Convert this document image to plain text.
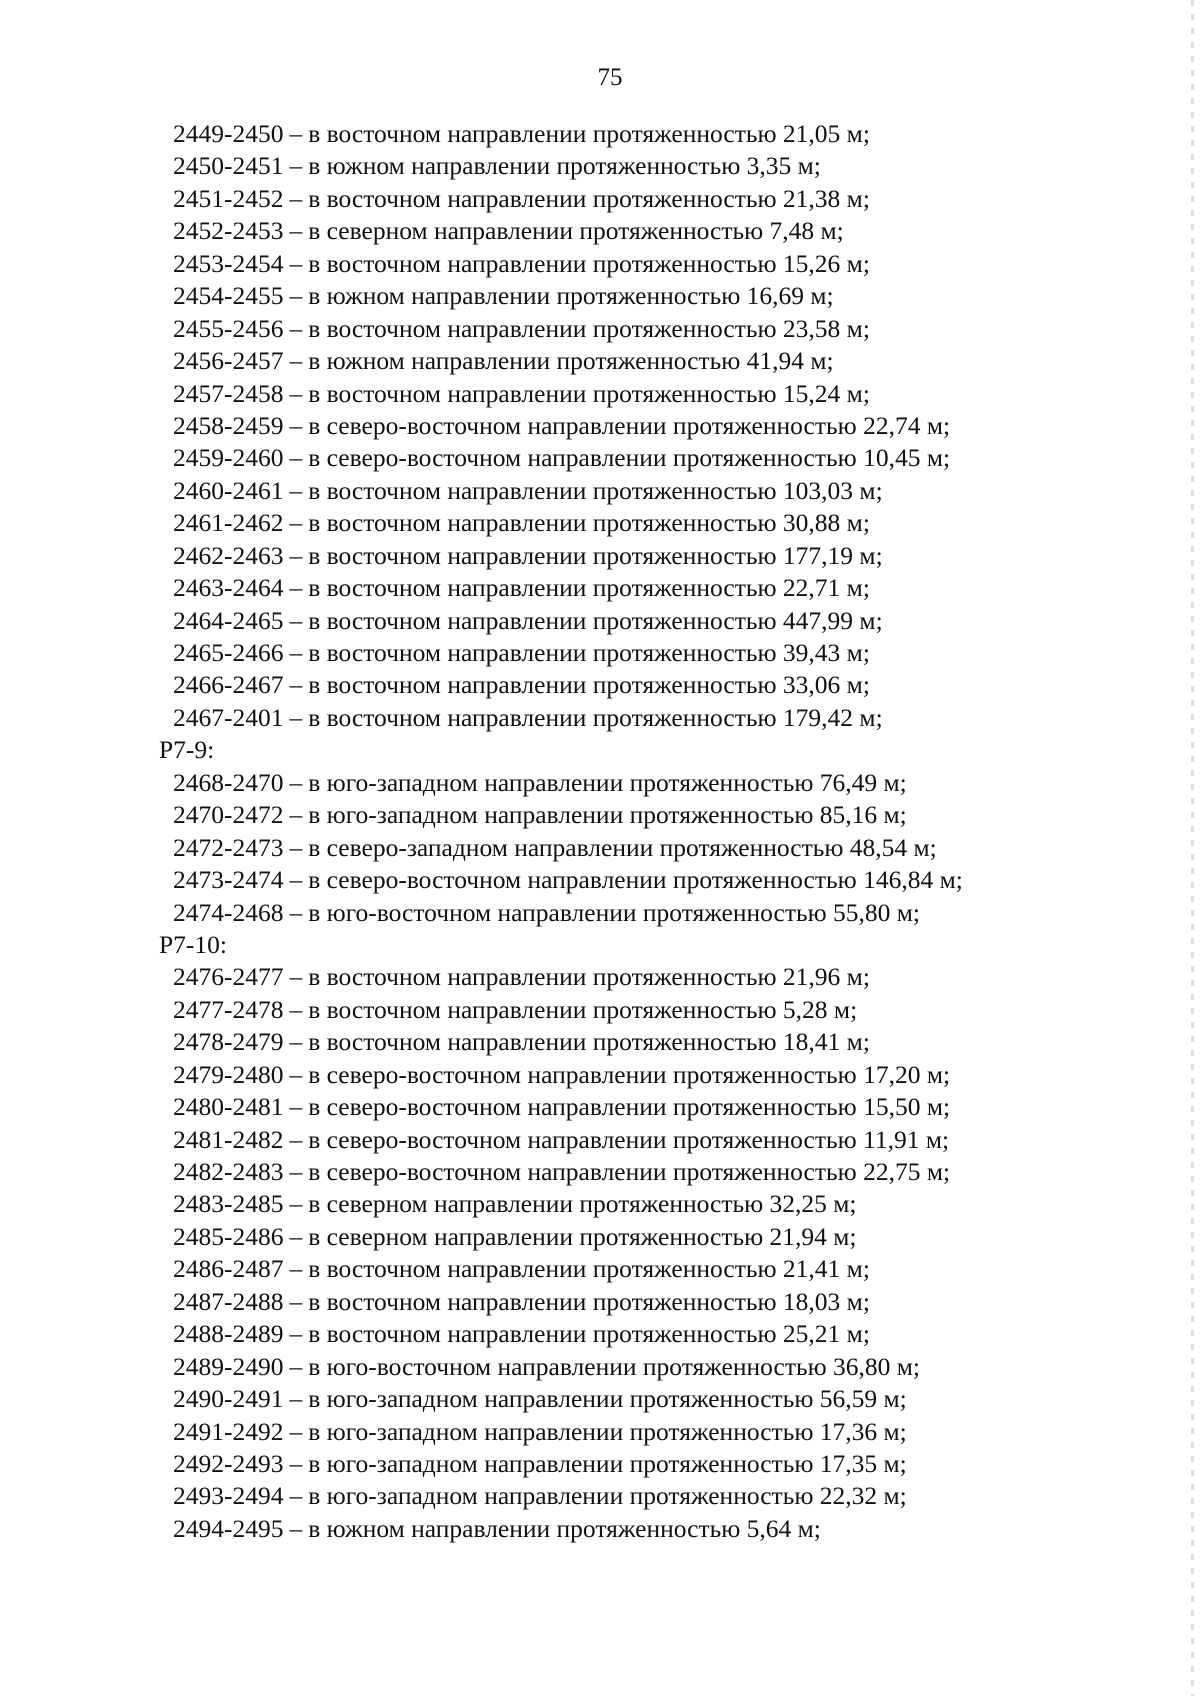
75
2449-2450 – в восточном направлении протяженностью 21,05 м;
2450-2451 – в южном направлении протяженностью 3,35 м;
2451-2452 – в восточном направлении протяженностью 21,38 м;
2452-2453 – в северном направлении протяженностью 7,48 м;
2453-2454 – в восточном направлении протяженностью 15,26 м;
2454-2455 – в южном направлении протяженностью 16,69 м;
2455-2456 – в восточном направлении протяженностью 23,58 м;
2456-2457 – в южном направлении протяженностью 41,94 м;
2457-2458 – в восточном направлении протяженностью 15,24 м;
2458-2459 – в северо-восточном направлении протяженностью 22,74 м;
2459-2460 – в северо-восточном направлении протяженностью 10,45 м;
2460-2461 – в восточном направлении протяженностью 103,03 м;
2461-2462 – в восточном направлении протяженностью 30,88 м;
2462-2463 – в восточном направлении протяженностью 177,19 м;
2463-2464 – в восточном направлении протяженностью 22,71 м;
2464-2465 – в восточном направлении протяженностью 447,99 м;
2465-2466 – в восточном направлении протяженностью 39,43 м;
2466-2467 – в восточном направлении протяженностью 33,06 м;
2467-2401 – в восточном направлении протяженностью 179,42 м;
Р7-9:
2468-2470 – в юго-западном направлении протяженностью 76,49 м;
2470-2472 – в юго-западном направлении протяженностью 85,16 м;
2472-2473 – в северо-западном направлении протяженностью 48,54 м;
2473-2474 – в северо-восточном направлении протяженностью 146,84 м;
2474-2468 – в юго-восточном направлении протяженностью 55,80 м;
Р7-10:
2476-2477 – в восточном направлении протяженностью 21,96 м;
2477-2478 – в восточном направлении протяженностью 5,28 м;
2478-2479 – в восточном направлении протяженностью 18,41 м;
2479-2480 – в северо-восточном направлении протяженностью 17,20 м;
2480-2481 – в северо-восточном направлении протяженностью 15,50 м;
2481-2482 – в северо-восточном направлении протяженностью 11,91 м;
2482-2483 – в северо-восточном направлении протяженностью 22,75 м;
2483-2485 – в северном направлении протяженностью 32,25 м;
2485-2486 – в северном направлении протяженностью 21,94 м;
2486-2487 – в восточном направлении протяженностью 21,41 м;
2487-2488 – в восточном направлении протяженностью 18,03 м;
2488-2489 – в восточном направлении протяженностью 25,21 м;
2489-2490 – в юго-восточном направлении протяженностью 36,80 м;
2490-2491 – в юго-западном направлении протяженностью 56,59 м;
2491-2492 – в юго-западном направлении протяженностью 17,36 м;
2492-2493 – в юго-западном направлении протяженностью 17,35 м;
2493-2494 – в юго-западном направлении протяженностью 22,32 м;
2494-2495 – в южном направлении протяженностью 5,64 м;
